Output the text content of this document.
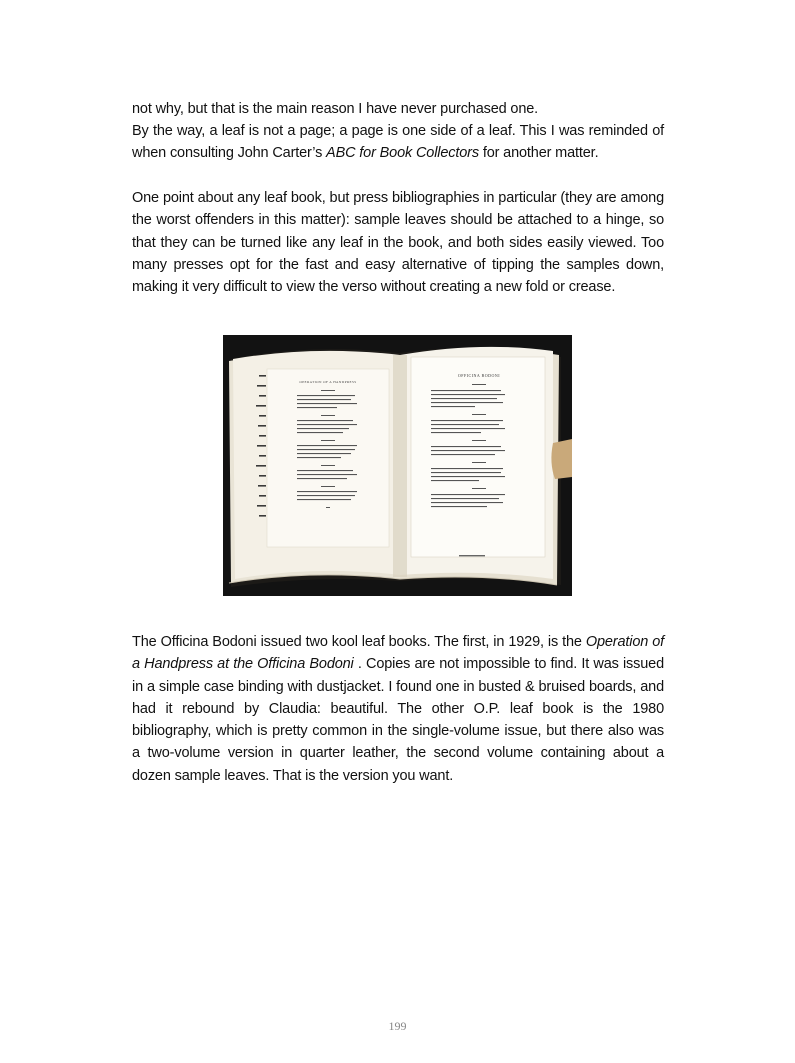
not why, but that is the main reason I have never purchased one.

By the way, a leaf is not a page; a page is one side of a leaf. This I was reminded of when consulting John Carter’s ABC for Book Collectors for another matter.

One point about any leaf book, but press bibliographies in particular (they are among the worst offenders in this matter): sample leaves should be attached to a hinge, so that they can be turned like any leaf in the book, and both sides easily viewed. Too many presses opt for the fast and easy alternative of tipping the samples down, making it very difficult to view the verso without creating a new fold or crease.

OPERATION OF A HANDPRESS
OFFICINA BODONI

The Officina Bodoni issued two kool leaf books. The first, in 1929, is the Operation of a Handpress at the Officina Bodoni . Copies are not impossible to find. It was issued in a simple case binding with dustjacket. I found one in busted & bruised boards, and had it rebound by Claudia: beautiful. The other O.P. leaf book is the 1980 bibliography, which is pretty common in the single-volume issue, but there also was a two-volume version in quarter leather, the second volume containing about a dozen sample leaves. That is the version you want.

199
